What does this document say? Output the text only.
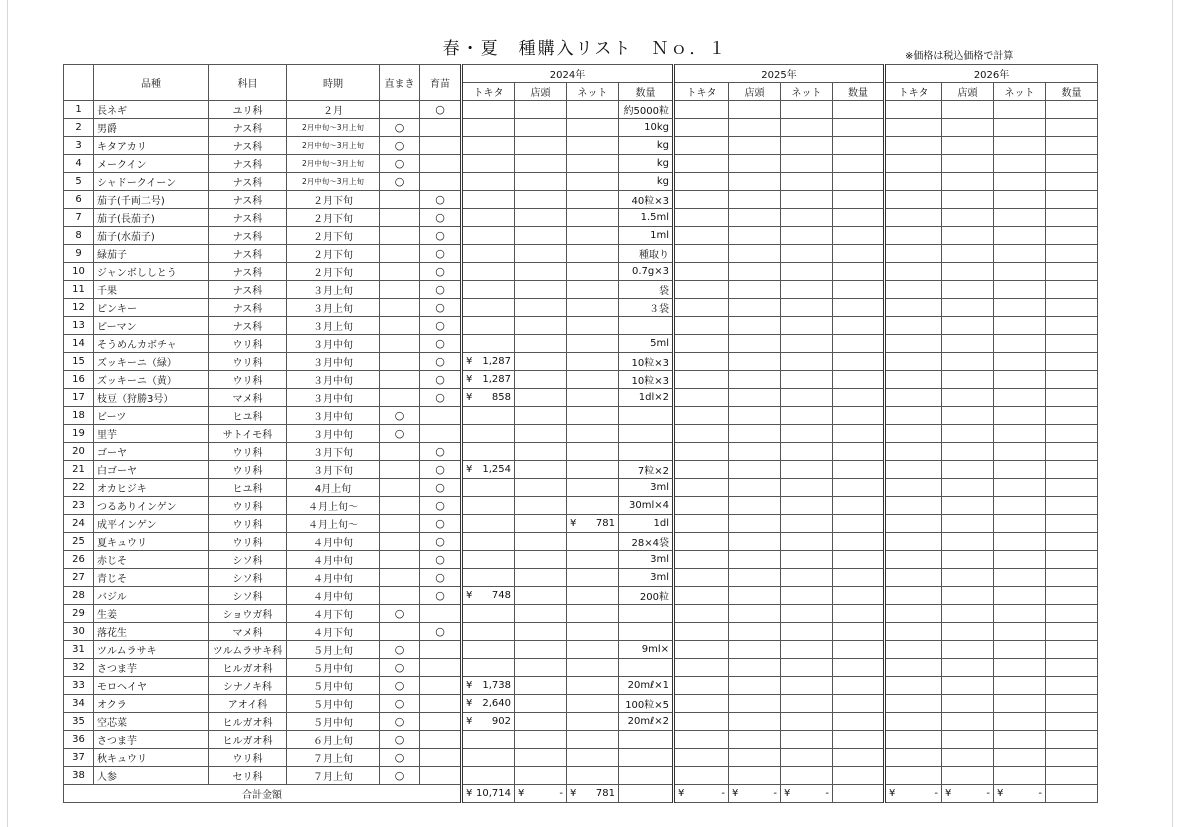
春・夏　種購入リスト　Ｎｏ．１	※価格は税込価格で計算
	品種	科目	時期	直まき	育苗	2024年				2025年				2026年			
						トキタ	店頭	ネット	数量	トキタ	店頭	ネット	数量	トキタ	店頭	ネット	数量
1	長ネギ	ユリ科	２月		○				約5000粒								
2	男爵	ナス科	2月中旬～3月上旬	○					10kg								
3	キタアカリ	ナス科	2月中旬～3月上旬	○					kg								
4	メークイン	ナス科	2月中旬～3月上旬	○					kg								
5	シャドークイーン	ナス科	2月中旬～3月上旬	○					kg								
6	茄子(千両二号)	ナス科	２月下旬		○				40粒×3								
7	茄子(長茄子)	ナス科	２月下旬		○				1.5ml								
8	茄子(水茄子)	ナス科	２月下旬		○				1ml								
9	緑茄子	ナス科	２月下旬		○				種取り								
10	ジャンボししとう	ナス科	２月下旬		○				0.7g×3								
11	千果	ナス科	３月上旬		○				袋								
12	ピンキー	ナス科	３月上旬		○				３袋								
13	ピーマン	ナス科	３月上旬		○												
14	そうめんカボチャ	ウリ科	３月中旬		○				5ml								
15	ズッキーニ（緑）	ウリ科	３月中旬		○	¥ 1,287			10粒×3								
16	ズッキーニ（黄）	ウリ科	３月中旬		○	¥ 1,287			10粒×3								
17	枝豆（狩勝3号）	マメ科	３月中旬		○	¥ 858			1dl×2								
18	ビーツ	ヒユ科	３月中旬	○													
19	里芋	サトイモ科	３月中旬	○													
20	ゴーヤ	ウリ科	３月下旬		○												
21	白ゴーヤ	ウリ科	３月下旬		○	¥ 1,254			7粒×2								
22	オカヒジキ	ヒユ科	4月上旬		○				3ml								
23	つるありインゲン	ウリ科	４月上旬～		○				30ml×4								
24	成平インゲン	ウリ科	４月上旬～		○			¥ 781	1dl								
25	夏キュウリ	ウリ科	４月中旬		○				28×4袋								
26	赤じそ	シソ科	４月中旬		○				3ml								
27	青じそ	シソ科	４月中旬		○				3ml								
28	バジル	シソ科	４月中旬		○	¥ 748			200粒								
29	生姜	ショウガ科	４月下旬	○													
30	落花生	マメ科	４月下旬		○												
31	ツルムラサキ	ツルムラサキ科	５月上旬	○					9ml×								
32	さつま芋	ヒルガオ科	５月中旬	○													
33	モロヘイヤ	シナノキ科	５月中旬	○		¥ 1,738			20mℓ×1								
34	オクラ	アオイ科	５月中旬	○		¥ 2,640			100粒×5								
35	空芯菜	ヒルガオ科	５月中旬	○		¥ 902			20mℓ×2								
36	さつま芋	ヒルガオ科	６月上旬	○													
37	秋キュウリ	ウリ科	７月上旬	○													
38	人参	セリ科	７月上旬	○													
合計金額						¥ 10,714	¥ -	¥ 781		¥ -	¥ -	¥ -		¥ -	¥ -	¥ -	
